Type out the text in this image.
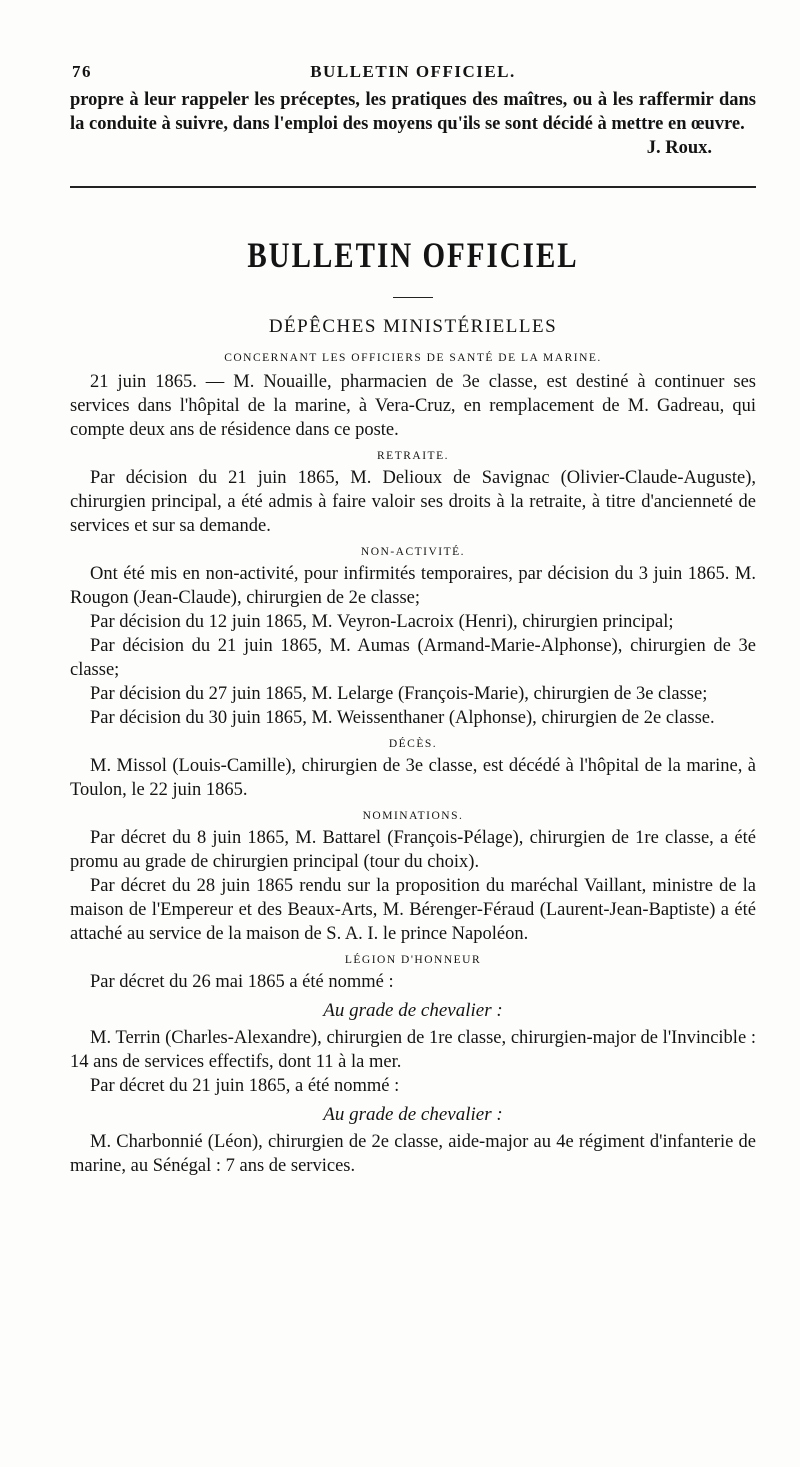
76	BULLETIN OFFICIEL.

propre à leur rappeler les préceptes, les pratiques des maîtres, ou à les raffermir dans la conduite à suivre, dans l'emploi des moyens qu'ils se sont décidé à mettre en œuvre.

J. Roux.
BULLETIN OFFICIEL
DÉPÊCHES MINISTÉRIELLES
CONCERNANT LES OFFICIERS DE SANTÉ DE LA MARINE.

21 juin 1865. — M. Nouaille, pharmacien de 3e classe, est destiné à continuer ses services dans l'hôpital de la marine, à Vera-Cruz, en remplacement de M. Gadreau, qui compte deux ans de résidence dans ce poste.

RETRAITE.

Par décision du 21 juin 1865, M. Delioux de Savignac (Olivier-Claude-Auguste), chirurgien principal, a été admis à faire valoir ses droits à la retraite, à titre d'ancienneté de services et sur sa demande.

NON-ACTIVITÉ.

Ont été mis en non-activité, pour infirmités temporaires, par décision du 3 juin 1865. M. Rougon (Jean-Claude), chirurgien de 2e classe;

Par décision du 12 juin 1865, M. Veyron-Lacroix (Henri), chirurgien principal;

Par décision du 21 juin 1865, M. Aumas (Armand-Marie-Alphonse), chirurgien de 3e classe;

Par décision du 27 juin 1865, M. Lelarge (François-Marie), chirurgien de 3e classe;

Par décision du 30 juin 1865, M. Weissenthaner (Alphonse), chirurgien de 2e classe.

DÉCÈS.

M. Missol (Louis-Camille), chirurgien de 3e classe, est décédé à l'hôpital de la marine, à Toulon, le 22 juin 1865.

NOMINATIONS.

Par décret du 8 juin 1865, M. Battarel (François-Pélage), chirurgien de 1re classe, a été promu au grade de chirurgien principal (tour du choix).

Par décret du 28 juin 1865 rendu sur la proposition du maréchal Vaillant, ministre de la maison de l'Empereur et des Beaux-Arts, M. Bérenger-Féraud (Laurent-Jean-Baptiste) a été attaché au service de la maison de S. A. I. le prince Napoléon.

LÉGION D'HONNEUR

Par décret du 26 mai 1865 a été nommé :

Au grade de chevalier :

M. Terrin (Charles-Alexandre), chirurgien de 1re classe, chirurgien-major de l'Invincible : 14 ans de services effectifs, dont 11 à la mer.

Par décret du 21 juin 1865, a été nommé :

Au grade de chevalier :

M. Charbonnié (Léon), chirurgien de 2e classe, aide-major au 4e régiment d'infanterie de marine, au Sénégal : 7 ans de services.
